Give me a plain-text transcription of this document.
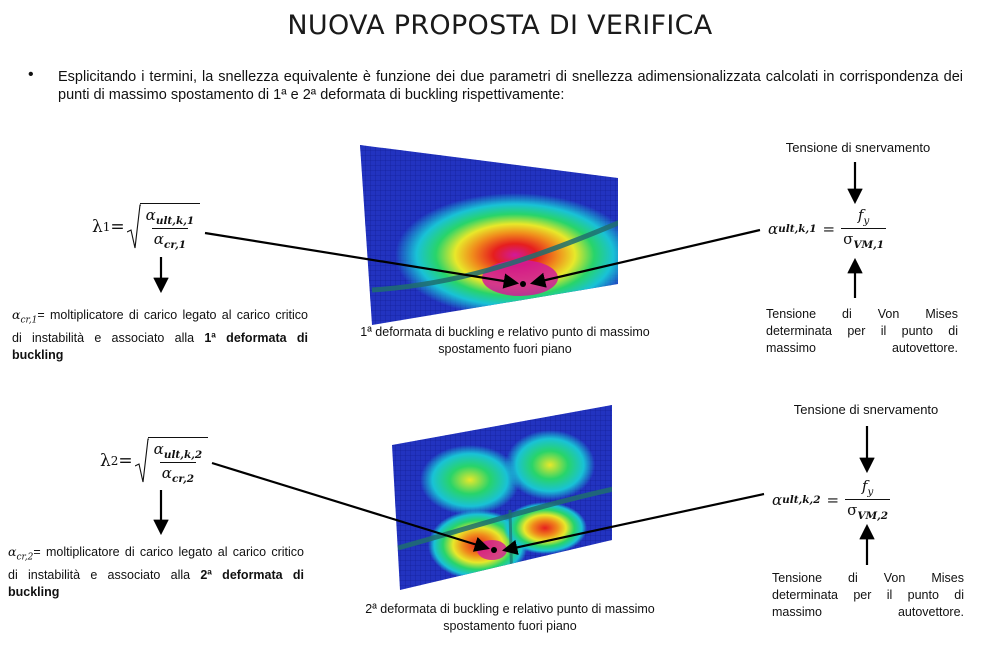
NUOVA PROPOSTA DI VERIFICA
• Esplicitando i termini, la snellezza equivalente è funzione dei due parametri di snellezza adimensionalizzata calcolati in corrispondenza dei punti di massimo spostamento di 1ª e 2ª deformata di buckling rispettivamente:
λ $1 = \frac{\alpha_{ult,k,1}}{\alpha_{cr,1}}$
$\alpha_{cr,1}=$ moltiplicatore di carico legato al carico critico di instabilità e associato alla 1ª deformata di buckling
1ª deformata di buckling e relativo punto di massimo spostamento fuori piano
Tensione di snervamento
α $ult,k,1 = \frac{f_y}{\sigma_{VM,1}}$
Tensione di Von Mises determinata per il punto di massimo autovettore.
λ $2 = \frac{\alpha_{ult,k,2}}{\alpha_{cr,2}}$
$\alpha_{cr,2}=$ moltiplicatore di carico legato al carico critico di instabilità e associato alla 2ª deformata di buckling
2ª deformata di buckling e relativo punto di massimo spostamento fuori piano
Tensione di snervamento
α $ult,k,2 = \frac{f_y}{\sigma_{VM,2}}$
Tensione di Von Mises determinata per il punto di massimo autovettore.
